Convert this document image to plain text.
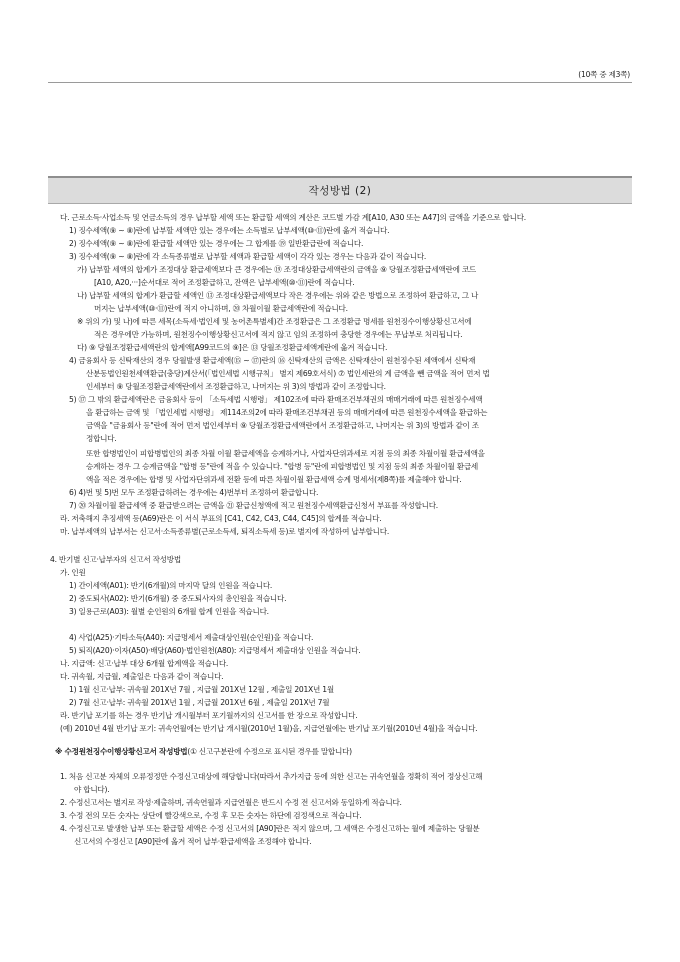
(10쪽 중 제3쪽)
작성방법 (2)
다. 근로소득·사업소득 및 연금소득의 경우 납부할 세액 또는 환급할 세액의 계산은 코드별 가감 계[A10, A30 또는 A47]의 금액을 기준으로 합니다.
1) 징수세액(⑨ ~ ⑧)란에 납부할 세액만 있는 경우에는 소득별로 납부세액(⑩·⑪)란에 옮겨 적습니다.
2) 징수세액(⑨ ~ ⑧)란에 환급할 세액만 있는 경우에는 그 합계를 ⑲ 일반환급란에 적습니다.
3) 징수세액(⑨ ~ ⑧)란에 각 소득종류별로 납부할 세액과 환급할 세액이 각각 있는 경우는 다음과 같이 적습니다.
가) 납부할 세액의 합계가 조정대상 환급세액보다 큰 경우에는 ⑲ 조정대상환급세액란의 금액을 ⑨ 당월조정환급세액란에 코드
[A10, A20,···]순서대로 적어 조정환급하고, 잔액은 납부세액(⑩·⑪)란에 적습니다.
나) 납부할 세액의 합계가 환급할 세액인 ⑬ 조정대상환급세액보다 작은 경우에는 위와 같은 방법으로 조정하여 환급하고, 그 나
머지는 납부세액(⑩·⑪)란에 적지 아니하며, ⑳ 차월이월 환급세액란에 적습니다.
※ 위의 가) 및 나)에 따른 세목(소득세·법인세 및 농어촌특별세)간 조정환급은 그 조정환급 명세를 원천징수이행상황신고서에
적은 경우에만 가능하며, 원천징수이행상황신고서에 적지 않고 임의 조정하여 충당한 경우에는 무납부로 처리됩니다.
다) ⑨ 당월조정환급세액란의 합계액[A99코드의 ⑨]은 ⑬ 당월조정환급세액계란에 옮겨 적습니다.
4) 금융회사 등 신탁재산의 경우 당월발생 환급세액(⑮ ~ ⑰)란의 ⑯ 신탁재산의 금액은 신탁재산이 원천징수된 세액에서 신탁재
산분동법인원천세액환급(충당)계산서(「법인세법 시행규칙」 별지 제69호서식) ⑦ 법인세란의 계 금액을 뺀 금액을 적어 먼저 법
인세부터 ⑨ 당월조정환급세액란에서 조정환급하고, 나머지는 위 3)의 방법과 같이 조정합니다.
5) ⑰ 그 밖의 환급세액란은 금융회사 등이 「소득세법 시행령」 제102조에 따라 환매조건부채권의 매매거래에 따른 원천징수세액
을 환급하는 금액 및 「법인세법 시행령」 제114조의2에 따라 환매조건부채권 등의 매매거래에 따른 원천징수세액을 환급하는
금액을 "금융회사 등"란에 적어 먼저 법인세부터 ⑨ 당월조정환급세액란에서 조정환급하고, 나머지는 위 3)의 방법과 같이 조
정합니다.
또한 합병법인이 피합병법인의 최종 차월 이월 환급세액을 승계하거나, 사업자단위과세로 지점 등의 최종 차월이월 환급세액을
승계하는 경우 그 승계금액을 "합병 등"란에 적을 수 있습니다. "합병 등"란에 피합병법인 및 지점 등의 최종 차월이월 환급세
액을 적은 경우에는 합병 및 사업자단위과세 전환 등에 따른 차월이월 환급세액 승계 명세서(제8쪽)를 제출해야 합니다.
6) 4)번 및 5)번 모두 조정환급하려는 경우에는 4)번부터 조정하여 환급합니다.
7) ⑳ 차월이월 환급세액 중 환급받으려는 금액을 ㉑ 환급신청액에 적고 원천징수세액환급신청서 부표를 작성합니다.
라. 저축해지 추징세액 등(A69)란은 이 서식 부표의 [C41, C42, C43, C44, C45]의 합계를 적습니다.
마. 납부세액의 납부서는 신고서·소득종류별(근로소득세, 퇴직소득세 등)로 별지에 작성하여 납부합니다.
4. 반기별 신고·납부자의 신고서 작성방법
가. 인원
1) 간이세액(A01): 반기(6개월)의 마지막 달의 인원을 적습니다.
2) 중도퇴사(A02): 반기(6개월) 중 중도퇴사자의 총인원을 적습니다.
3) 일용근로(A03): 월별 순인원의 6개월 합계 인원을 적습니다.
4) 사업(A25)·기타소득(A40): 지급명세서 제출대상인원(순인원)을 적습니다.
5) 퇴직(A20)·이자(A50)·배당(A60)·법인원천(A80): 지급명세서 제출대상 인원을 적습니다.
나. 지급액: 신고·납부 대상 6개월 합계액을 적습니다.
다. 귀속월, 지급월, 제출일은 다음과 같이 적습니다.
1) 1월 신고·납부: 귀속월 201X년 7월 , 지급월 201X년 12월 , 제출일 201X년 1월
2) 7월 신고·납부: 귀속월 201X년 1월 , 지급월 201X년 6월 , 제출일 201X년 7월
라. 반기납 포기를 하는 경우 반기납 개시월부터 포기월까지의 신고서를 한 장으로 작성합니다.
(예) 2010년 4월 반기납 포기: 귀속연월에는 반기납 개시월(2010년 1월)을, 지급연월에는 반기납 포기월(2010년 4월)을 적습니다.
※ 수정원천징수이행상황신고서 작성방법(① 신고구분란에 수정으로 표시된 경우를 말합니다)
1. 처음 신고분 자체의 오류정정만 수정신고대상에 해당합니다(따라서 추가지급 등에 의한 신고는 귀속연월을 정확히 적어 정상신고해
야 합니다).
2. 수정신고서는 별지로 작성·제출하며, 귀속연월과 지급연월은 반드시 수정 전 신고서와 동일하게 적습니다.
3. 수정 전의 모든 숫자는 상단에 빨강색으로, 수정 후 모든 숫자는 하단에 검정색으로 적습니다.
4. 수정신고로 발생한 납부 또는 환급할 세액은 수정 신고서의 [A90]란은 적지 않으며, 그 세액은 수정신고하는 월에 제출하는 당월분
신고서의 수정신고 [A90]란에 옮겨 적어 납부·환급세액을 조정해야 합니다.
